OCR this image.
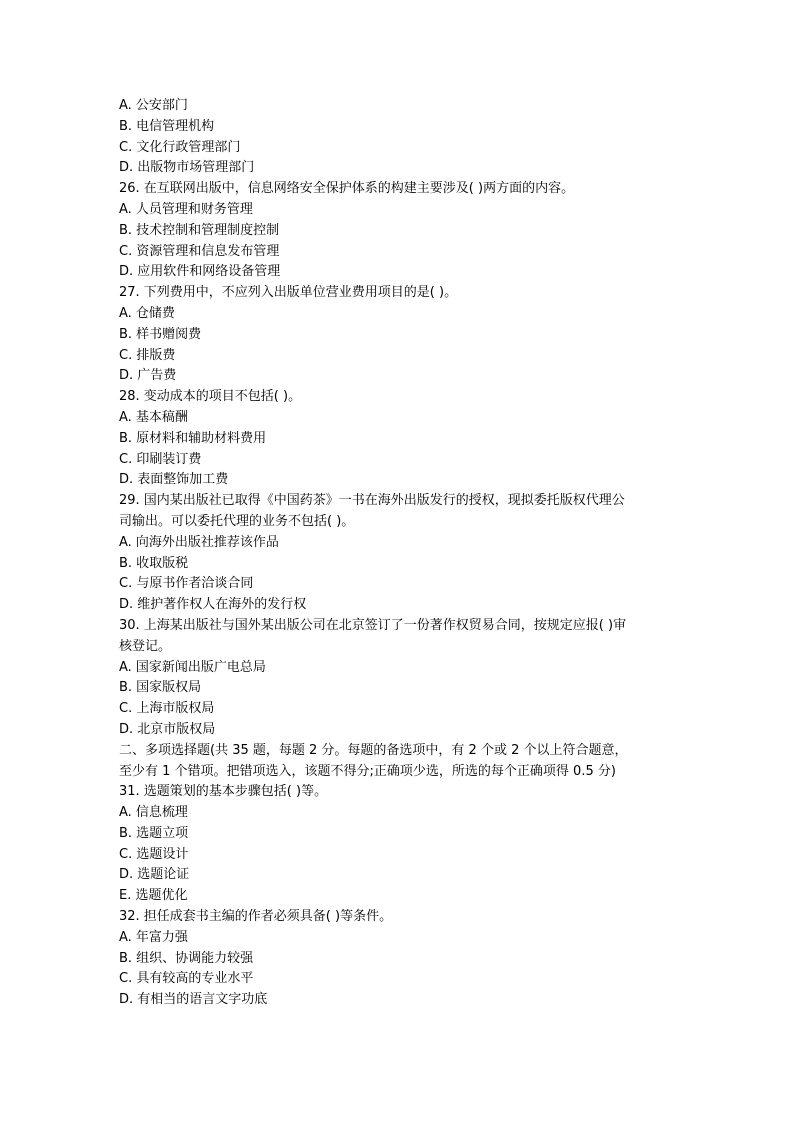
A. 公安部门
B. 电信管理机构
C. 文化行政管理部门
D. 出版物市场管理部门
26. 在互联网出版中，信息网络安全保护体系的构建主要涉及( )两方面的内容。
A. 人员管理和财务管理
B. 技术控制和管理制度控制
C. 资源管理和信息发布管理
D. 应用软件和网络设备管理
27. 下列费用中，不应列入出版单位营业费用项目的是( )。
A. 仓储费
B. 样书赠阅费
C. 排版费
D. 广告费
28. 变动成本的项目不包括( )。
A. 基本稿酬
B. 原材料和辅助材料费用
C. 印刷装订费
D. 表面整饰加工费
29. 国内某出版社已取得《中国药茶》一书在海外出版发行的授权，现拟委托版权代理公
司输出。可以委托代理的业务不包括( )。
A. 向海外出版社推荐该作品
B. 收取版税
C. 与原书作者洽谈合同
D. 维护著作权人在海外的发行权
30. 上海某出版社与国外某出版公司在北京签订了一份著作权贸易合同，按规定应报( )审
核登记。
A. 国家新闻出版广电总局
B. 国家版权局
C. 上海市版权局
D. 北京市版权局
二、多项选择题(共 35 题，每题 2 分。每题的备选项中，有 2 个或 2 个以上符合题意，
至少有 1 个错项。把错项选入，该题不得分;正确项少选，所选的每个正确项得 0.5 分)
31. 选题策划的基本步骤包括( )等。
A. 信息梳理
B. 选题立项
C. 选题设计
D. 选题论证
E. 选题优化
32. 担任成套书主编的作者必须具备( )等条件。
A. 年富力强
B. 组织、协调能力较强
C. 具有较高的专业水平
D. 有相当的语言文字功底
